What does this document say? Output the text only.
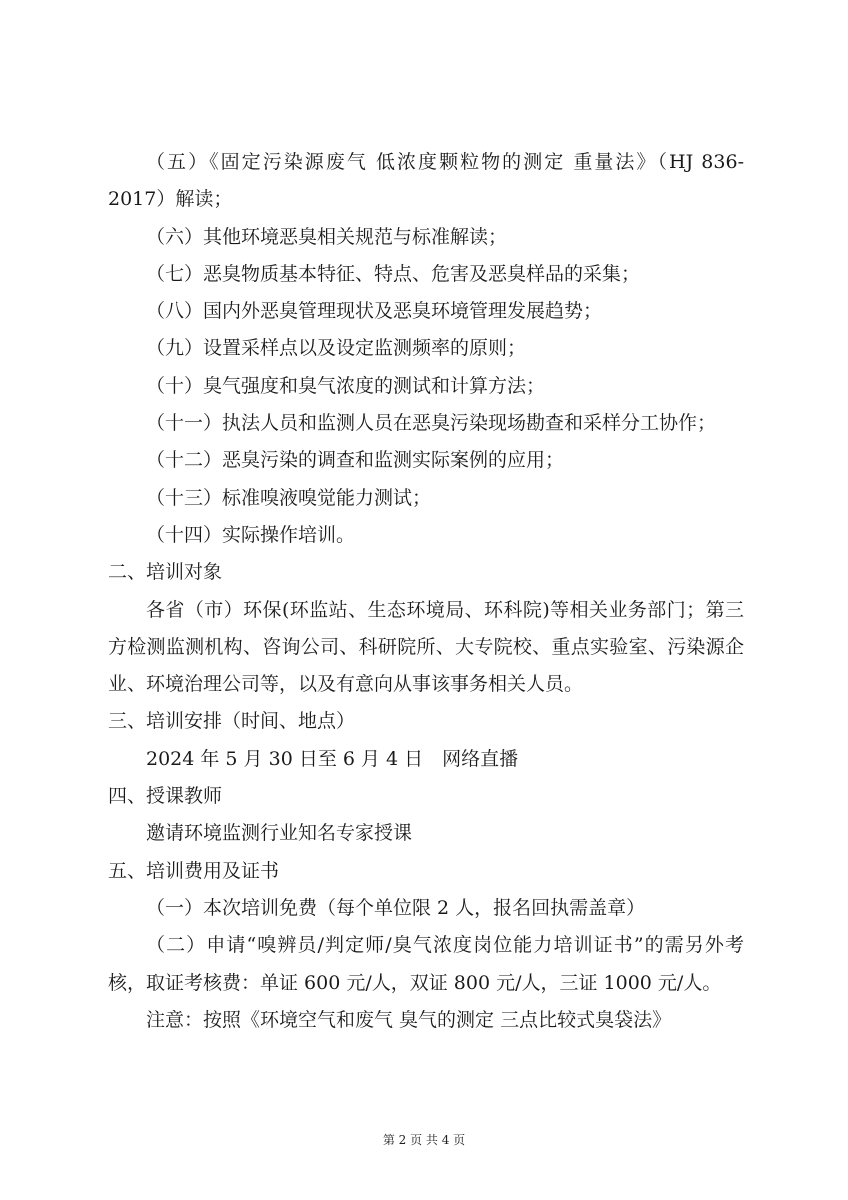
（五）《固定污染源废气 低浓度颗粒物的测定 重量法》（HJ 836-2017）解读；

（六）其他环境恶臭相关规范与标准解读；

（七）恶臭物质基本特征、特点、危害及恶臭样品的采集；

（八）国内外恶臭管理现状及恶臭环境管理发展趋势；

（九）设置采样点以及设定监测频率的原则；

（十）臭气强度和臭气浓度的测试和计算方法；

（十一）执法人员和监测人员在恶臭污染现场勘查和采样分工协作；

（十二）恶臭污染的调查和监测实际案例的应用；

（十三）标准嗅液嗅觉能力测试；

（十四）实际操作培训。

二、培训对象

各省（市）环保(环监站、生态环境局、环科院)等相关业务部门；第三方检测监测机构、咨询公司、科研院所、大专院校、重点实验室、污染源企业、环境治理公司等，以及有意向从事该事务相关人员。

三、培训安排（时间、地点）

2024 年 5 月 30 日至 6 月 4 日　网络直播

四、授课教师

邀请环境监测行业知名专家授课

五、培训费用及证书

（一）本次培训免费（每个单位限 2 人，报名回执需盖章）

（二）申请“嗅辨员/判定师/臭气浓度岗位能力培训证书”的需另外考核，取证考核费：单证 600 元/人，双证 800 元/人，三证 1000 元/人。

注意：按照《环境空气和废气 臭气的测定 三点比较式臭袋法》

第 2 页 共 4 页
